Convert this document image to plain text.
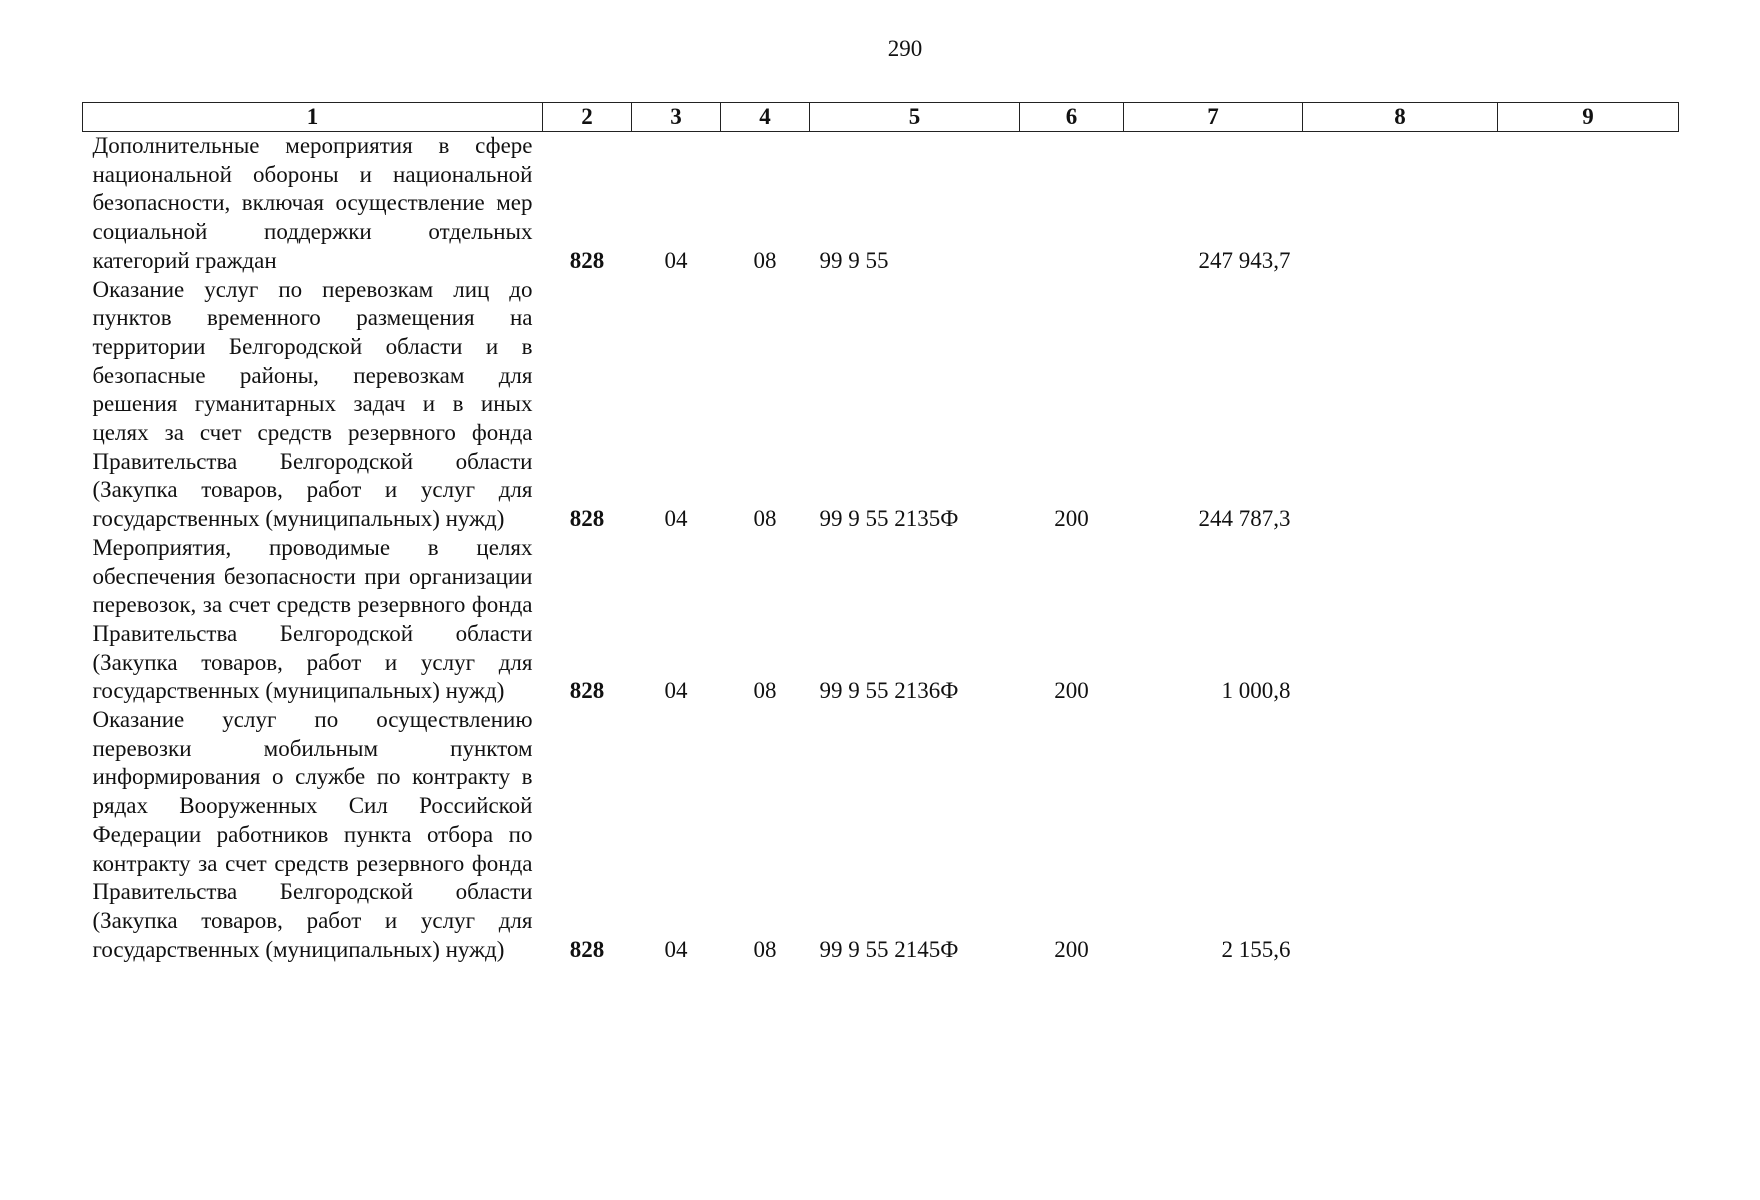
290
1	2	3	4	5	6	7	8	9
Дополнительные мероприятия в сфере национальной обороны и национальной безопасности, включая осуществление мер социальной поддержки отдельных категорий граждан	828	04	08	99 9 55		247 943,7		
Оказание услуг по перевозкам лиц до пунктов временного размещения на территории Белгородской области и в безопасные районы, перевозкам для решения гуманитарных задач и в иных целях за счет средств резервного фонда Правительства Белгородской области (Закупка товаров, работ и услуг для государственных (муниципальных) нужд)	828	04	08	99 9 55 2135Ф	200	244 787,3		
Мероприятия, проводимые в целях обеспечения безопасности при организации перевозок, за счет средств резервного фонда Правительства Белгородской области (Закупка товаров, работ и услуг для государственных (муниципальных) нужд)	828	04	08	99 9 55 2136Ф	200	1 000,8		
Оказание услуг по осуществлению перевозки мобильным пунктом информирования о службе по контракту в рядах Вооруженных Сил Российской Федерации работников пункта отбора по контракту за счет средств резервного фонда Правительства Белгородской области (Закупка товаров, работ и услуг для государственных (муниципальных) нужд)	828	04	08	99 9 55 2145Ф	200	2 155,6		
